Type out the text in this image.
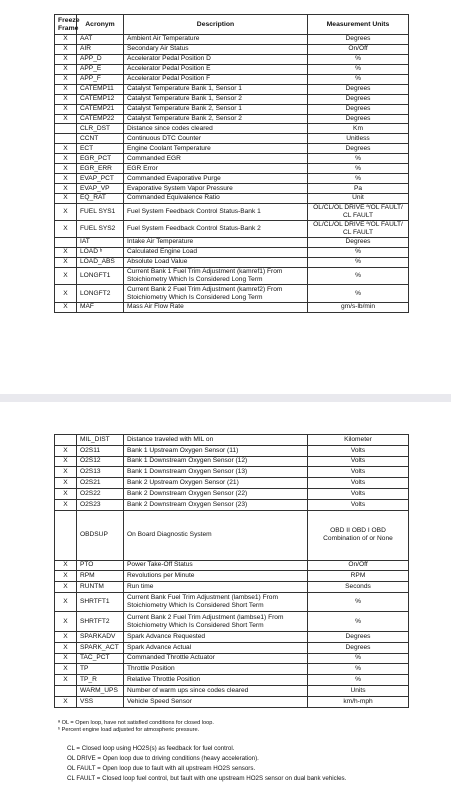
Freeze Frame	Acronym	Description	Measurement Units
X	AAT	Ambient Air Temperature	Degrees
X	AIR	Secondary Air Status	On/Off
X	APP_D	Accelerator Pedal Position D	%
X	APP_E	Accelerator Pedal Position E	%
X	APP_F	Accelerator Pedal Position F	%
X	CATEMP11	Catalyst Temperature Bank 1, Sensor 1	Degrees
X	CATEMP12	Catalyst Temperature Bank 1, Sensor 2	Degrees
X	CATEMP21	Catalyst Temperature Bank 2, Sensor 1	Degrees
X	CATEMP22	Catalyst Temperature Bank 2, Sensor 2	Degrees
	CLR_DST	Distance since codes cleared	Km
	CCNT	Continuous DTC Counter	Unitless
X	ECT	Engine Coolant Temperature	Degrees
X	EGR_PCT	Commanded EGR	%
X	EGR_ERR	EGR Error	%
X	EVAP_PCT	Commanded Evaporative Purge	%
X	EVAP_VP	Evaporative System Vapor Pressure	Pa
X	EQ_RAT	Commanded Equivalence Ratio	Unit
X	FUEL SYS1	Fuel System Feedback Control Status-Bank 1	OL/CL/OL DRIVE ª/OL FAULT/ CL FAULT
X	FUEL SYS2	Fuel System Feedback Control Status-Bank 2	OL/CL/OL DRIVE ª/OL FAULT/ CL FAULT
	IAT	Intake Air Temperature	Degrees
X	LOAD ᵇ	Calculated Engine Load	%
X	LOAD_ABS	Absolute Load Value	%
X	LONGFT1	Current Bank 1 Fuel Trim Adjustment (kamref1) From Stoichiometry Which Is Considered Long Term	%
X	LONGFT2	Current Bank 2 Fuel Trim Adjustment (kamref2) From Stoichiometry Which Is Considered Long Term	%
X	MAF	Mass Air Flow Rate	gm/s-lb/min
	MIL_DIST	Distance traveled with MIL on	Kilometer
X	O2S11	Bank 1 Upstream Oxygen Sensor (11)	Volts
X	O2S12	Bank 1 Downstream Oxygen Sensor (12)	Volts
X	O2S13	Bank 1 Downstream Oxygen Sensor (13)	Volts
X	O2S21	Bank 2 Upstream Oxygen Sensor (21)	Volts
X	O2S22	Bank 2 Downstream Oxygen Sensor (22)	Volts
X	O2S23	Bank 2 Downstream Oxygen Sensor (23)	Volts
	OBDSUP	On Board Diagnostic System	OBD II OBD I OBD Combination of or None
X	PTO	Power Take-Off Status	On/Off
X	RPM	Revolutions per Minute	RPM
X	RUNTM	Run time	Seconds
X	SHRTFT1	Current Bank Fuel Trim Adjustment (lambse1) From Stoichiometry Which Is Considered Short Term	%
X	SHRTFT2	Current Bank 2 Fuel Trim Adjustment (lambse1) From Stoichiometry Which Is Considered Short Term	%
X	SPARKADV	Spark Advance Requested	Degrees
X	SPARK_ACT	Spark Advance Actual	Degrees
X	TAC_PCT	Commanded Throttle Actuator	%
X	TP	Throttle Position	%
X	TP_R	Relative Throttle Position	%
	WARM_UPS	Number of warm ups since codes cleared	Units
X	VSS	Vehicle Speed Sensor	km/h-mph
ª OL = Open loop, have not satisfied conditions for closed loop.
ᵇ Percent engine load adjusted for atmospheric pressure.
CL = Closed loop using HO2S(s) as feedback for fuel control.
OL DRIVE = Open loop due to driving conditions (heavy acceleration).
OL FAULT = Open loop due to fault with all upstream HO2S sensors.
CL FAULT = Closed loop fuel control, but fault with one upstream HO2S sensor on dual bank vehicles.
